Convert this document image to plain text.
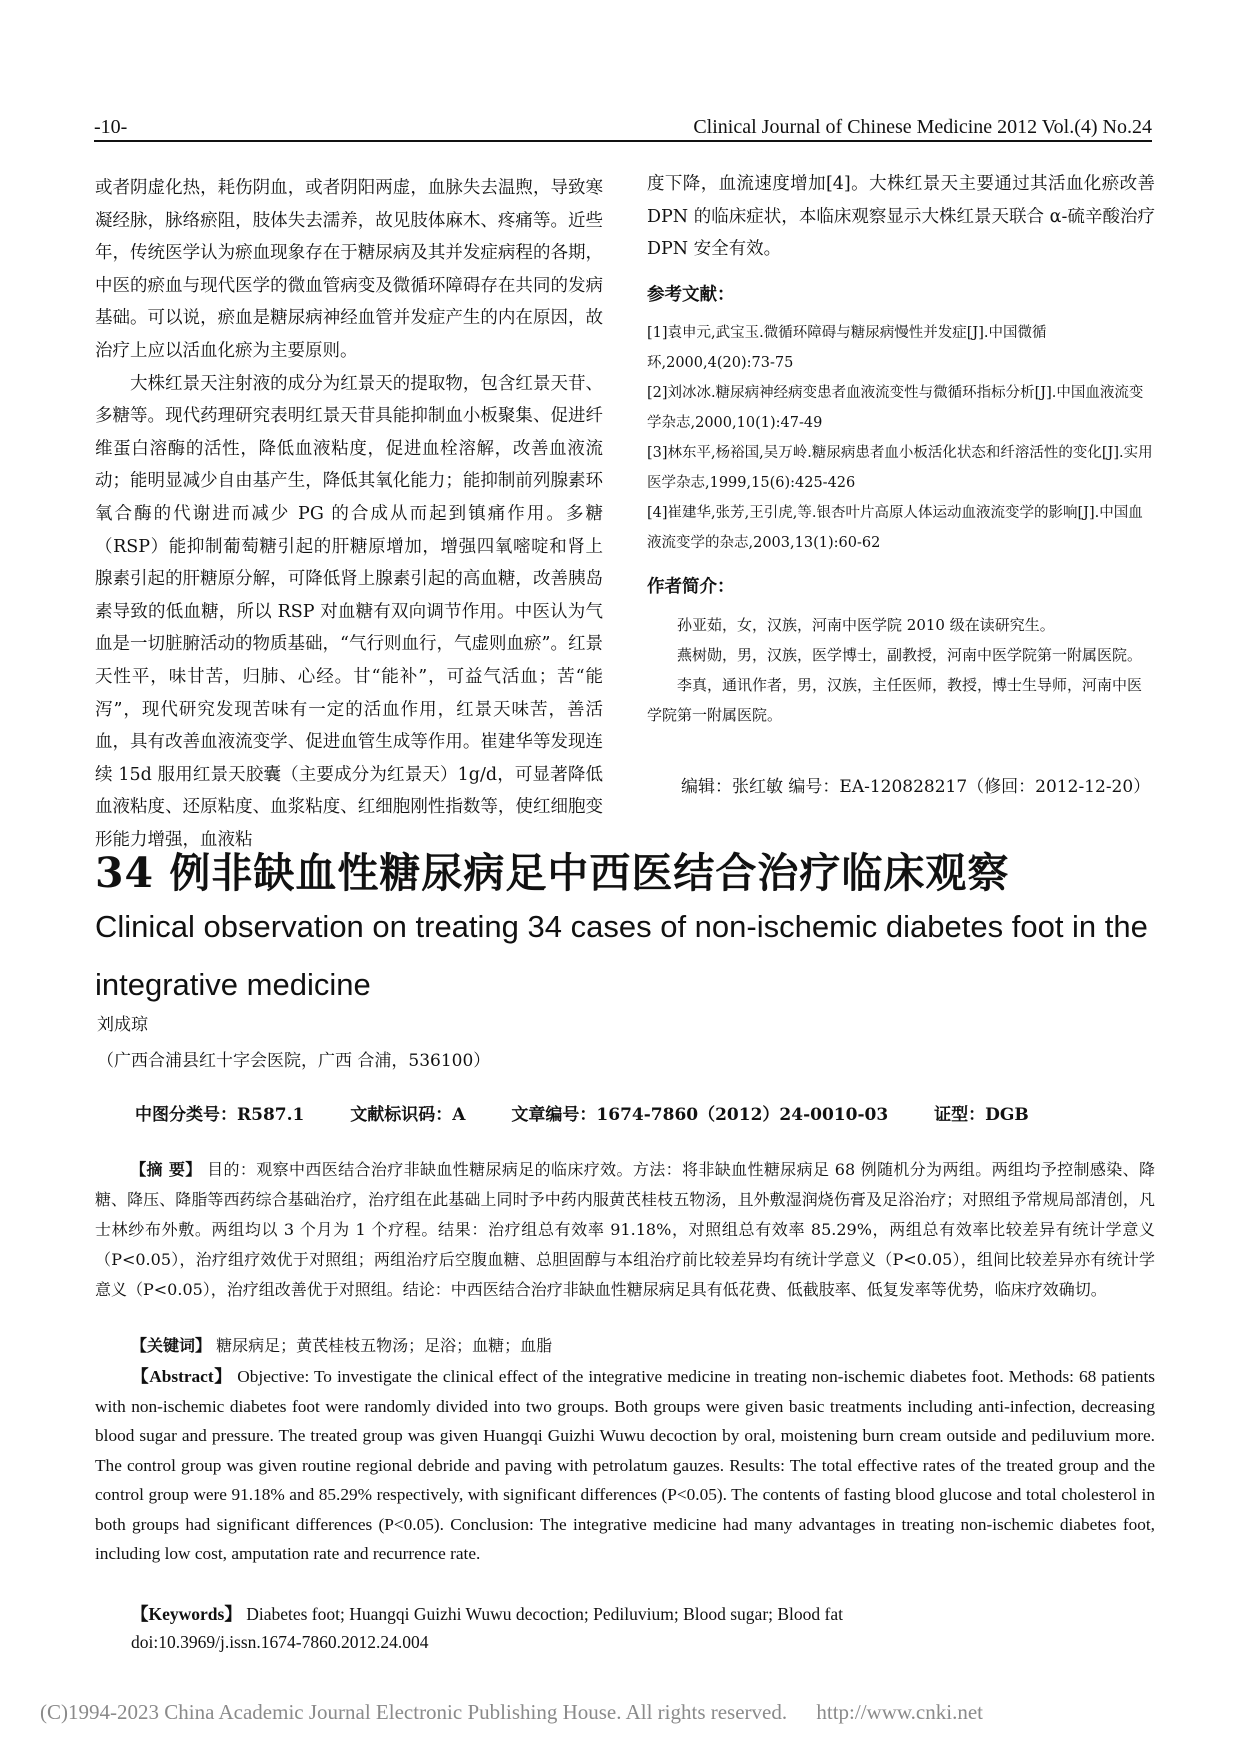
-10-	Clinical Journal of Chinese Medicine 2012 Vol.(4) No.24

或者阴虚化热，耗伤阴血，或者阴阳两虚，血脉失去温煦，导致寒凝经脉，脉络瘀阻，肢体失去濡养，故见肢体麻木、疼痛等。近些年，传统医学认为瘀血现象存在于糖尿病及其并发症病程的各期，中医的瘀血与现代医学的微血管病变及微循环障碍存在共同的发病基础。可以说，瘀血是糖尿病神经血管并发症产生的内在原因，故治疗上应以活血化瘀为主要原则。

大株红景天注射液的成分为红景天的提取物，包含红景天苷、多糖等。现代药理研究表明红景天苷具能抑制血小板聚集、促进纤维蛋白溶酶的活性，降低血液粘度，促进血栓溶解，改善血液流动；能明显减少自由基产生，降低其氧化能力；能抑制前列腺素环氧合酶的代谢进而减少 PG 的合成从而起到镇痛作用。多糖（RSP）能抑制葡萄糖引起的肝糖原增加，增强四氧嘧啶和肾上腺素引起的肝糖原分解，可降低肾上腺素引起的高血糖，改善胰岛素导致的低血糖，所以 RSP 对血糖有双向调节作用。中医认为气血是一切脏腑活动的物质基础，“气行则血行，气虚则血瘀”。红景天性平，味甘苦，归肺、心经。甘“能补”，可益气活血；苦“能泻”，现代研究发现苦味有一定的活血作用，红景天味苦，善活血，具有改善血液流变学、促进血管生成等作用。崔建华等发现连续 15d 服用红景天胶囊（主要成分为红景天）1g/d，可显著降低血液粘度、还原粘度、血浆粘度、红细胞刚性指数等，使红细胞变形能力增强，血液粘

度下降，血流速度增加[4]。大株红景天主要通过其活血化瘀改善 DPN 的临床症状，本临床观察显示大株红景天联合 α-硫辛酸治疗 DPN 安全有效。

参考文献：

[1]袁申元,武宝玉.微循环障碍与糖尿病慢性并发症[J].中国微循环,2000,4(20):73-75

[2]刘冰冰.糖尿病神经病变患者血液流变性与微循环指标分析[J].中国血液流变学杂志,2000,10(1):47-49

[3]林东平,杨裕国,吴万岭.糖尿病患者血小板活化状态和纤溶活性的变化[J].实用医学杂志,1999,15(6):425-426

[4]崔建华,张芳,王引虎,等.银杏叶片高原人体运动血液流变学的影响[J].中国血液流变学的杂志,2003,13(1):60-62

作者简介：

孙亚茹，女，汉族，河南中医学院 2010 级在读研究生。

燕树勋，男，汉族，医学博士，副教授，河南中医学院第一附属医院。

李真，通讯作者，男，汉族，主任医师，教授，博士生导师，河南中医学院第一附属医院。

编辑：张红敏 编号：EA-120828217（修回：2012-12-20）

34 例非缺血性糖尿病足中西医结合治疗临床观察
Clinical observation on treating 34 cases of non-ischemic diabetes foot in the integrative medicine
刘成琼
（广西合浦县红十字会医院，广西 合浦，536100）
中图分类号：R587.1	文献标识码：A	文章编号：1674-7860（2012）24-0010-03	证型：DGB

【摘 要】 目的：观察中西医结合治疗非缺血性糖尿病足的临床疗效。方法：将非缺血性糖尿病足 68 例随机分为两组。两组均予控制感染、降糖、降压、降脂等西药综合基础治疗，治疗组在此基础上同时予中药内服黄芪桂枝五物汤，且外敷湿润烧伤膏及足浴治疗；对照组予常规局部清创，凡士林纱布外敷。两组均以 3 个月为 1 个疗程。结果：治疗组总有效率 91.18%，对照组总有效率 85.29%，两组总有效率比较差异有统计学意义（P<0.05），治疗组疗效优于对照组；两组治疗后空腹血糖、总胆固醇与本组治疗前比较差异均有统计学意义（P<0.05），组间比较差异亦有统计学意义（P<0.05），治疗组改善优于对照组。结论：中西医结合治疗非缺血性糖尿病足具有低花费、低截肢率、低复发率等优势，临床疗效确切。

【关键词】 糖尿病足；黄芪桂枝五物汤；足浴；血糖；血脂

【Abstract】 Objective: To investigate the clinical effect of the integrative medicine in treating non-ischemic diabetes foot. Methods: 68 patients with non-ischemic diabetes foot were randomly divided into two groups. Both groups were given basic treatments including anti-infection, decreasing blood sugar and pressure. The treated group was given Huangqi Guizhi Wuwu decoction by oral, moistening burn cream outside and pediluvium more. The control group was given routine regional debride and paving with petrolatum gauzes. Results: The total effective rates of the treated group and the control group were 91.18% and 85.29% respectively, with significant differences (P<0.05). The contents of fasting blood glucose and total cholesterol in both groups had significant differences (P<0.05). Conclusion: The integrative medicine had many advantages in treating non-ischemic diabetes foot, including low cost, amputation rate and recurrence rate.

【Keywords】 Diabetes foot; Huangqi Guizhi Wuwu decoction; Pediluvium; Blood sugar; Blood fat
doi:10.3969/j.issn.1674-7860.2012.24.004
(C)1994-2023 China Academic Journal Electronic Publishing House. All rights reserved. http://www.cnki.net
